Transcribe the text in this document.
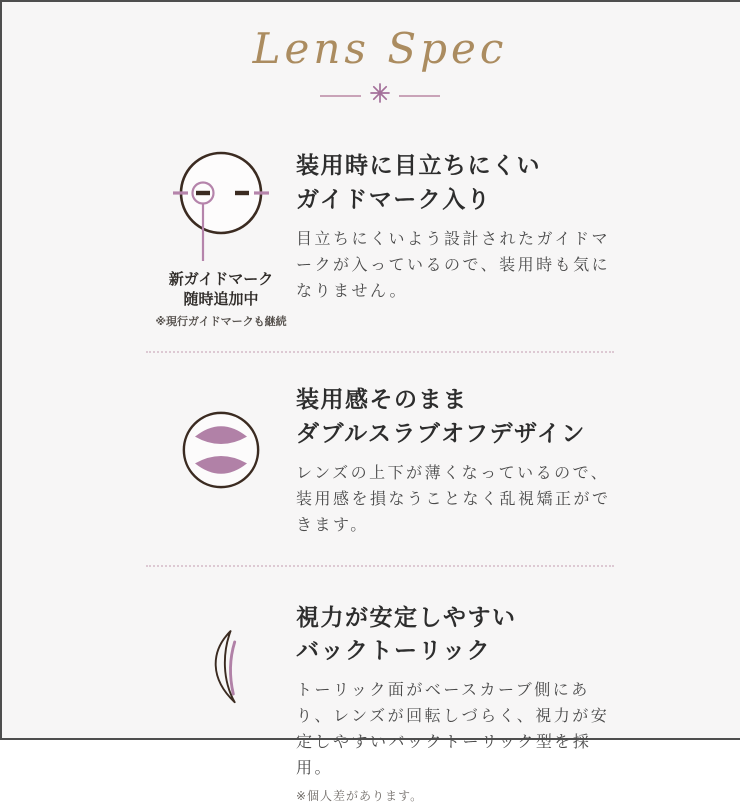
Lens Spec
新ガイドマーク
随時追加中
※現行ガイドマークも継続
装用時に目立ちにくい
ガイドマーク入り

目立ちにくいよう設計されたガイドマークが入っているので、装用時も気になりません。

装用感そのまま
ダブルスラブオフデザイン

レンズの上下が薄くなっているので、装用感を損なうことなく乱視矯正ができます。

視力が安定しやすい
バックトーリック

トーリック面がベースカーブ側にあり、レンズが回転しづらく、視力が安定しやすいバックトーリック型を採用。

※個人差があります。
